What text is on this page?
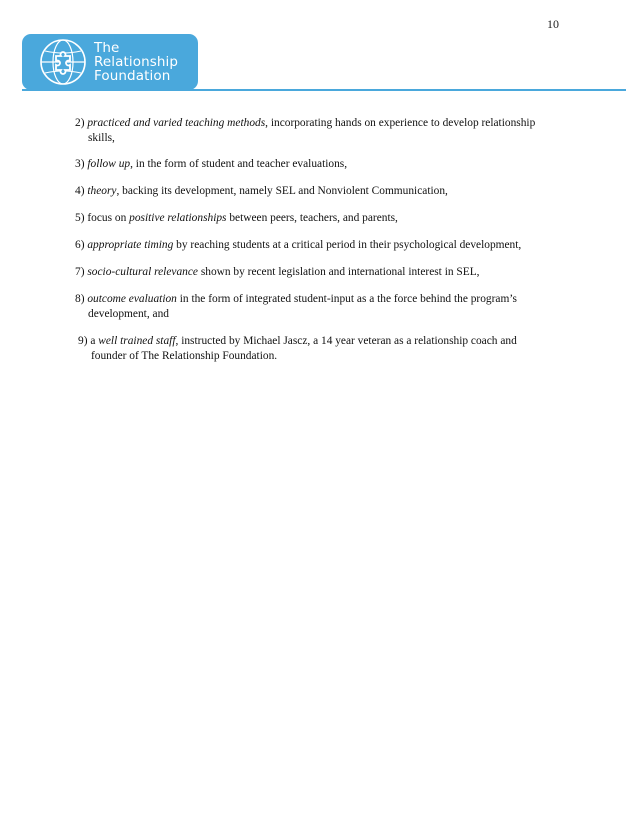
10
The
Relationship
Foundation

2) practiced and varied teaching methods, incorporating hands on experience to develop relationship skills,

3) follow up, in the form of student and teacher evaluations,

4) theory, backing its development, namely SEL and Nonviolent Communication,

5) focus on positive relationships between peers, teachers, and parents,

6) appropriate timing by reaching students at a critical period in their psychological development,

7) socio-cultural relevance shown by recent legislation and international interest in SEL,

8) outcome evaluation in the form of integrated student-input as a the force behind the program’s development, and

9) a well trained staff, instructed by Michael Jascz, a 14 year veteran as a relationship coach and founder of The Relationship Foundation.
